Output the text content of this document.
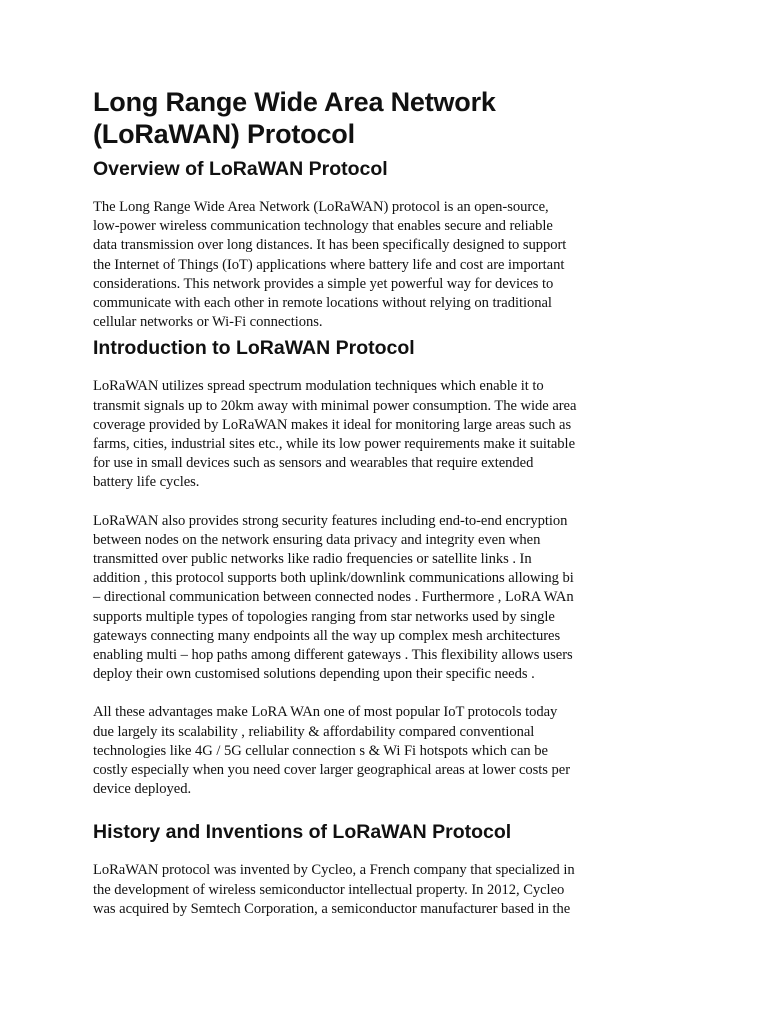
Long Range Wide Area Network (LoRaWAN) Protocol
Overview of LoRaWAN Protocol

The Long Range Wide Area Network (LoRaWAN) protocol is an open-source,
low-power wireless communication technology that enables secure and reliable
data transmission over long distances. It has been specifically designed to support
the Internet of Things (IoT) applications where battery life and cost are important
considerations. This network provides a simple yet powerful way for devices to
communicate with each other in remote locations without relying on traditional
cellular networks or Wi-Fi connections.

Introduction to LoRaWAN Protocol

LoRaWAN utilizes spread spectrum modulation techniques which enable it to
transmit signals up to 20km away with minimal power consumption. The wide area
coverage provided by LoRaWAN makes it ideal for monitoring large areas such as
farms, cities, industrial sites etc., while its low power requirements make it suitable
for use in small devices such as sensors and wearables that require extended
battery life cycles.

LoRaWAN also provides strong security features including end-to-end encryption
between nodes on the network ensuring data privacy and integrity even when
transmitted over public networks like radio frequencies or satellite links . In
addition , this protocol supports both uplink/downlink communications allowing bi
– directional communication between connected nodes . Furthermore , LoRA WAn
supports multiple types of topologies ranging from star networks used by single
gateways connecting many endpoints all the way up complex mesh architectures
enabling multi – hop paths among different gateways . This flexibility allows users
deploy their own customised solutions depending upon their specific needs .

All these advantages make LoRA WAn one of most popular IoT protocols today
due largely its scalability , reliability & affordability compared conventional
technologies like 4G / 5G cellular connection s & Wi Fi hotspots which can be
costly especially when you need cover larger geographical areas at lower costs per
device deployed.

History and Inventions of LoRaWAN Protocol

LoRaWAN protocol was invented by Cycleo, a French company that specialized in
the development of wireless semiconductor intellectual property. In 2012, Cycleo
was acquired by Semtech Corporation, a semiconductor manufacturer based in the
